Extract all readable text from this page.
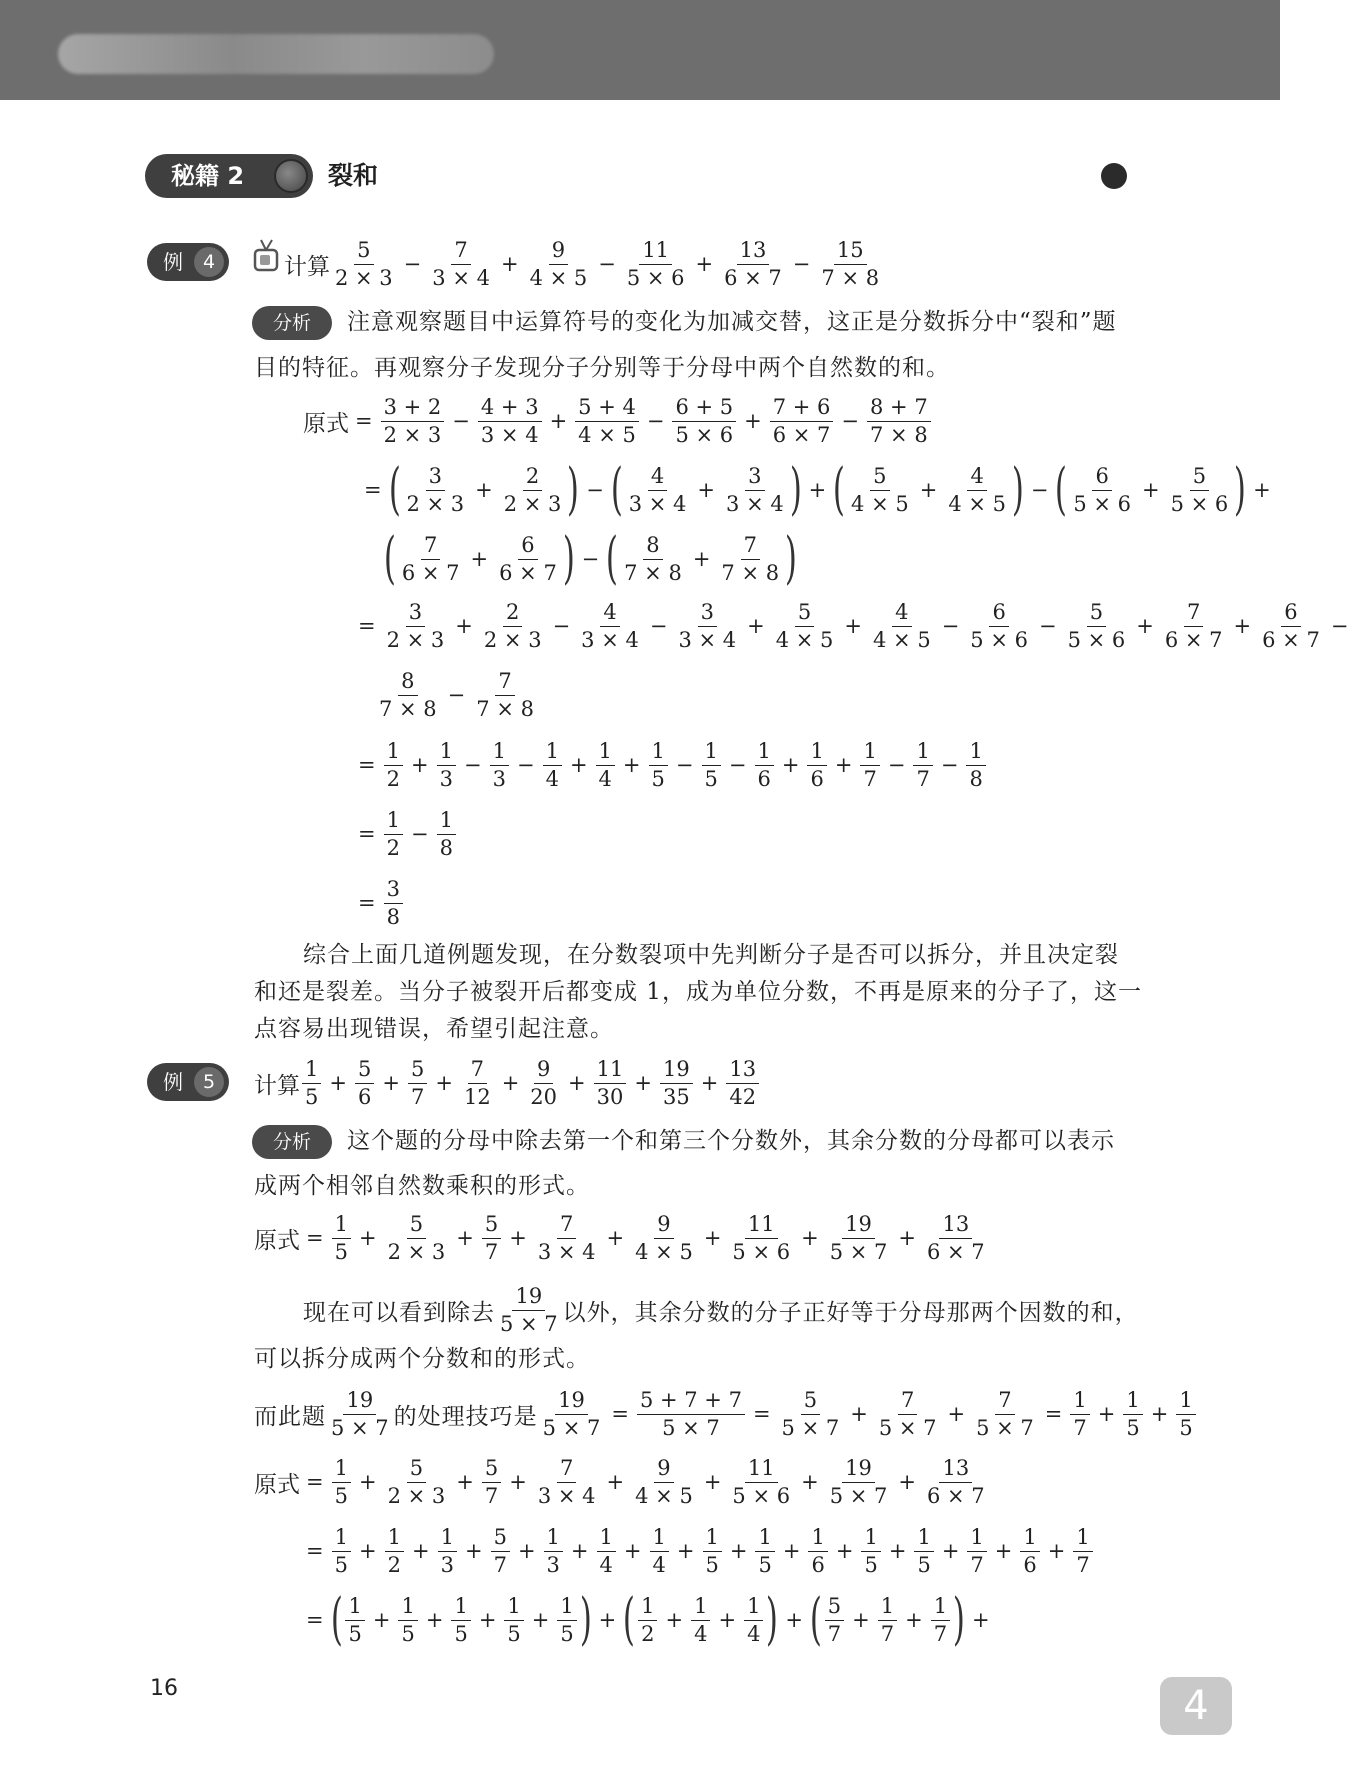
秘籍 2	裂和
例	4	计算 $\frac{5}{2 \times 3} - \frac{7}{3 \times 4} + \frac{9}{4 \times 5} - \frac{11}{5 \times 6} + \frac{13}{6 \times 7} - \frac{15}{7 \times 8}$
分析	注意观察题目中运算符号的变化为加减交替，这正是分数拆分中“裂和”题
目的特征。再观察分子发现分子分别等于分母中两个自然数的和。
原式 = $\frac{3 + 2}{2 \times 3} - \frac{4 + 3}{3 \times 4} + \frac{5 + 4}{4 \times 5} - \frac{6 + 5}{5 \times 6} + \frac{7 + 6}{6 \times 7} - \frac{8 + 7}{7 \times 8}$
= ( $\frac{3}{2 \times 3} + \frac{2}{2 \times 3}$ ) − ( $\frac{4}{3 \times 4} + \frac{3}{3 \times 4}$ ) + ( $\frac{5}{4 \times 5} + \frac{4}{4 \times 5}$ ) − ( $\frac{6}{5 \times 6} + \frac{5}{5 \times 6}$ ) +
( $\frac{7}{6 \times 7} + \frac{6}{6 \times 7}$ ) − ( $\frac{8}{7 \times 8} + \frac{7}{7 \times 8}$ )
= $\frac{3}{2 \times 3} + \frac{2}{2 \times 3} - \frac{4}{3 \times 4} - \frac{3}{3 \times 4} + \frac{5}{4 \times 5} + \frac{4}{4 \times 5} - \frac{6}{5 \times 6} - \frac{5}{5 \times 6} + \frac{7}{6 \times 7} + \frac{6}{6 \times 7}$ −
$\frac{8}{7 \times 8} - \frac{7}{7 \times 8}$
= $\frac{1}{2} + \frac{1}{3} - \frac{1}{3} - \frac{1}{4} + \frac{1}{4} + \frac{1}{5} - \frac{1}{5} - \frac{1}{6} + \frac{1}{6} + \frac{1}{7} - \frac{1}{7} - \frac{1}{8}$
= $\frac{1}{2} - \frac{1}{8}$
= $\frac{3}{8}$
综合上面几道例题发现，在分数裂项中先判断分子是否可以拆分，并且决定裂
和还是裂差。当分子被裂开后都变成 1，成为单位分数，不再是原来的分子了，这一
点容易出现错误，希望引起注意。
例	5	计算 $\frac{1}{5} + \frac{5}{6} + \frac{5}{7} + \frac{7}{12} + \frac{9}{20} + \frac{11}{30} + \frac{19}{35} + \frac{13}{42}$
分析	这个题的分母中除去第一个和第三个分数外，其余分数的分母都可以表示
成两个相邻自然数乘积的形式。
原式 = $\frac{1}{5} + \frac{5}{2 \times 3} + \frac{5}{7} + \frac{7}{3 \times 4} + \frac{9}{4 \times 5} + \frac{11}{5 \times 6} + \frac{19}{5 \times 7} + \frac{13}{6 \times 7}$
现在可以看到除去 $\frac{19}{5 \times 7}$ 以外，其余分数的分子正好等于分母那两个因数的和，
可以拆分成两个分数和的形式。
而此题 $\frac{19}{5 \times 7}$ 的处理技巧是 $\frac{19}{5 \times 7} = \frac{5 + 7 + 7}{5 \times 7} = \frac{5}{5 \times 7} + \frac{7}{5 \times 7} + \frac{7}{5 \times 7} = \frac{1}{7} + \frac{1}{5} + \frac{1}{5}$
原式 = $\frac{1}{5} + \frac{5}{2 \times 3} + \frac{5}{7} + \frac{7}{3 \times 4} + \frac{9}{4 \times 5} + \frac{11}{5 \times 6} + \frac{19}{5 \times 7} + \frac{13}{6 \times 7}$
= $\frac{1}{5} + \frac{1}{2} + \frac{1}{3} + \frac{5}{7} + \frac{1}{3} + \frac{1}{4} + \frac{1}{4} + \frac{1}{5} + \frac{1}{5} + \frac{1}{6} + \frac{1}{5} + \frac{1}{5} + \frac{1}{7} + \frac{1}{6} + \frac{1}{7}$
= ( $\frac{1}{5} + \frac{1}{5} + \frac{1}{5} + \frac{1}{5} + \frac{1}{5}$ ) + ( $\frac{1}{2} + \frac{1}{4} + \frac{1}{4}$ ) + ( $\frac{5}{7} + \frac{1}{7} + \frac{1}{7}$ ) +
16	4
